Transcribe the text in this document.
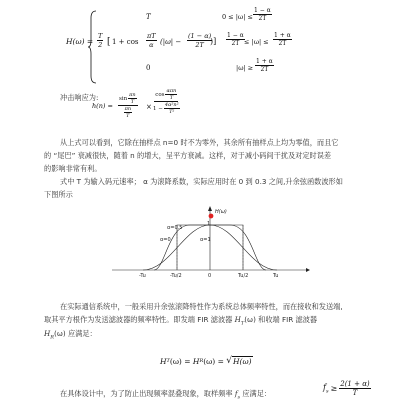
H(ω) =
T	$0 \le |\omega| \le \frac{1 - \alpha}{2T}$
$\frac{T}{2}$ [ $1 + \cos \frac{\pi T}{\alpha} (|\omega| - \frac{(1 - \alpha)}{2T}$
)] $\frac{1 - \alpha}{2T} \le |\omega| \le \frac{1 + \alpha}{2T}$
0	$|\omega| \ge \frac{1 + \alpha}{2T}$
冲击响应为:
h(n) =
$\sin \frac{\pi n}{T}$
$\frac{\pi n}{T}$ ×
$\cos \frac{\text{απn}}{T}$
$1 - \frac{\text{4α²n²}}{\text{T²}}$
从上式可以看到，它除在抽样点 n=0 时不为零外，其余所有抽样点上均为零值，而且它
的 “尾巴” 衰减很快，随着 n 的增大，呈平方衰减。这样，对于减小码间干扰及对定时误差
的影响非常有利。
式中 T 为输入码元速率； α 为滚降系数，实际应用时在 0 到 0.3 之间,升余弦函数波形如
下图所示
H(ω)
1
α=0.5
α=0	α=1
-Tu	-Tu/2	0	Tu/2	Tu
在实际通信系统中，一般采用升余弦滚降特性作为系统总体频率特性，而在接收和发送端,
取其平方根作为发送滤波器的频率特性。即发端 FIR 滤波器 $H_T(\omega)$ 和收端 FIR 滤波器
$H_R(\omega)$ 应满足：
H T (ω) =
H R (ω) =
√ H(ω)
在具体设计中，为了防止出现频率混叠现象，取样频率 $f_s$ 应满足：
$f_s \ge \frac{2(1 + \alpha)}{T}$
